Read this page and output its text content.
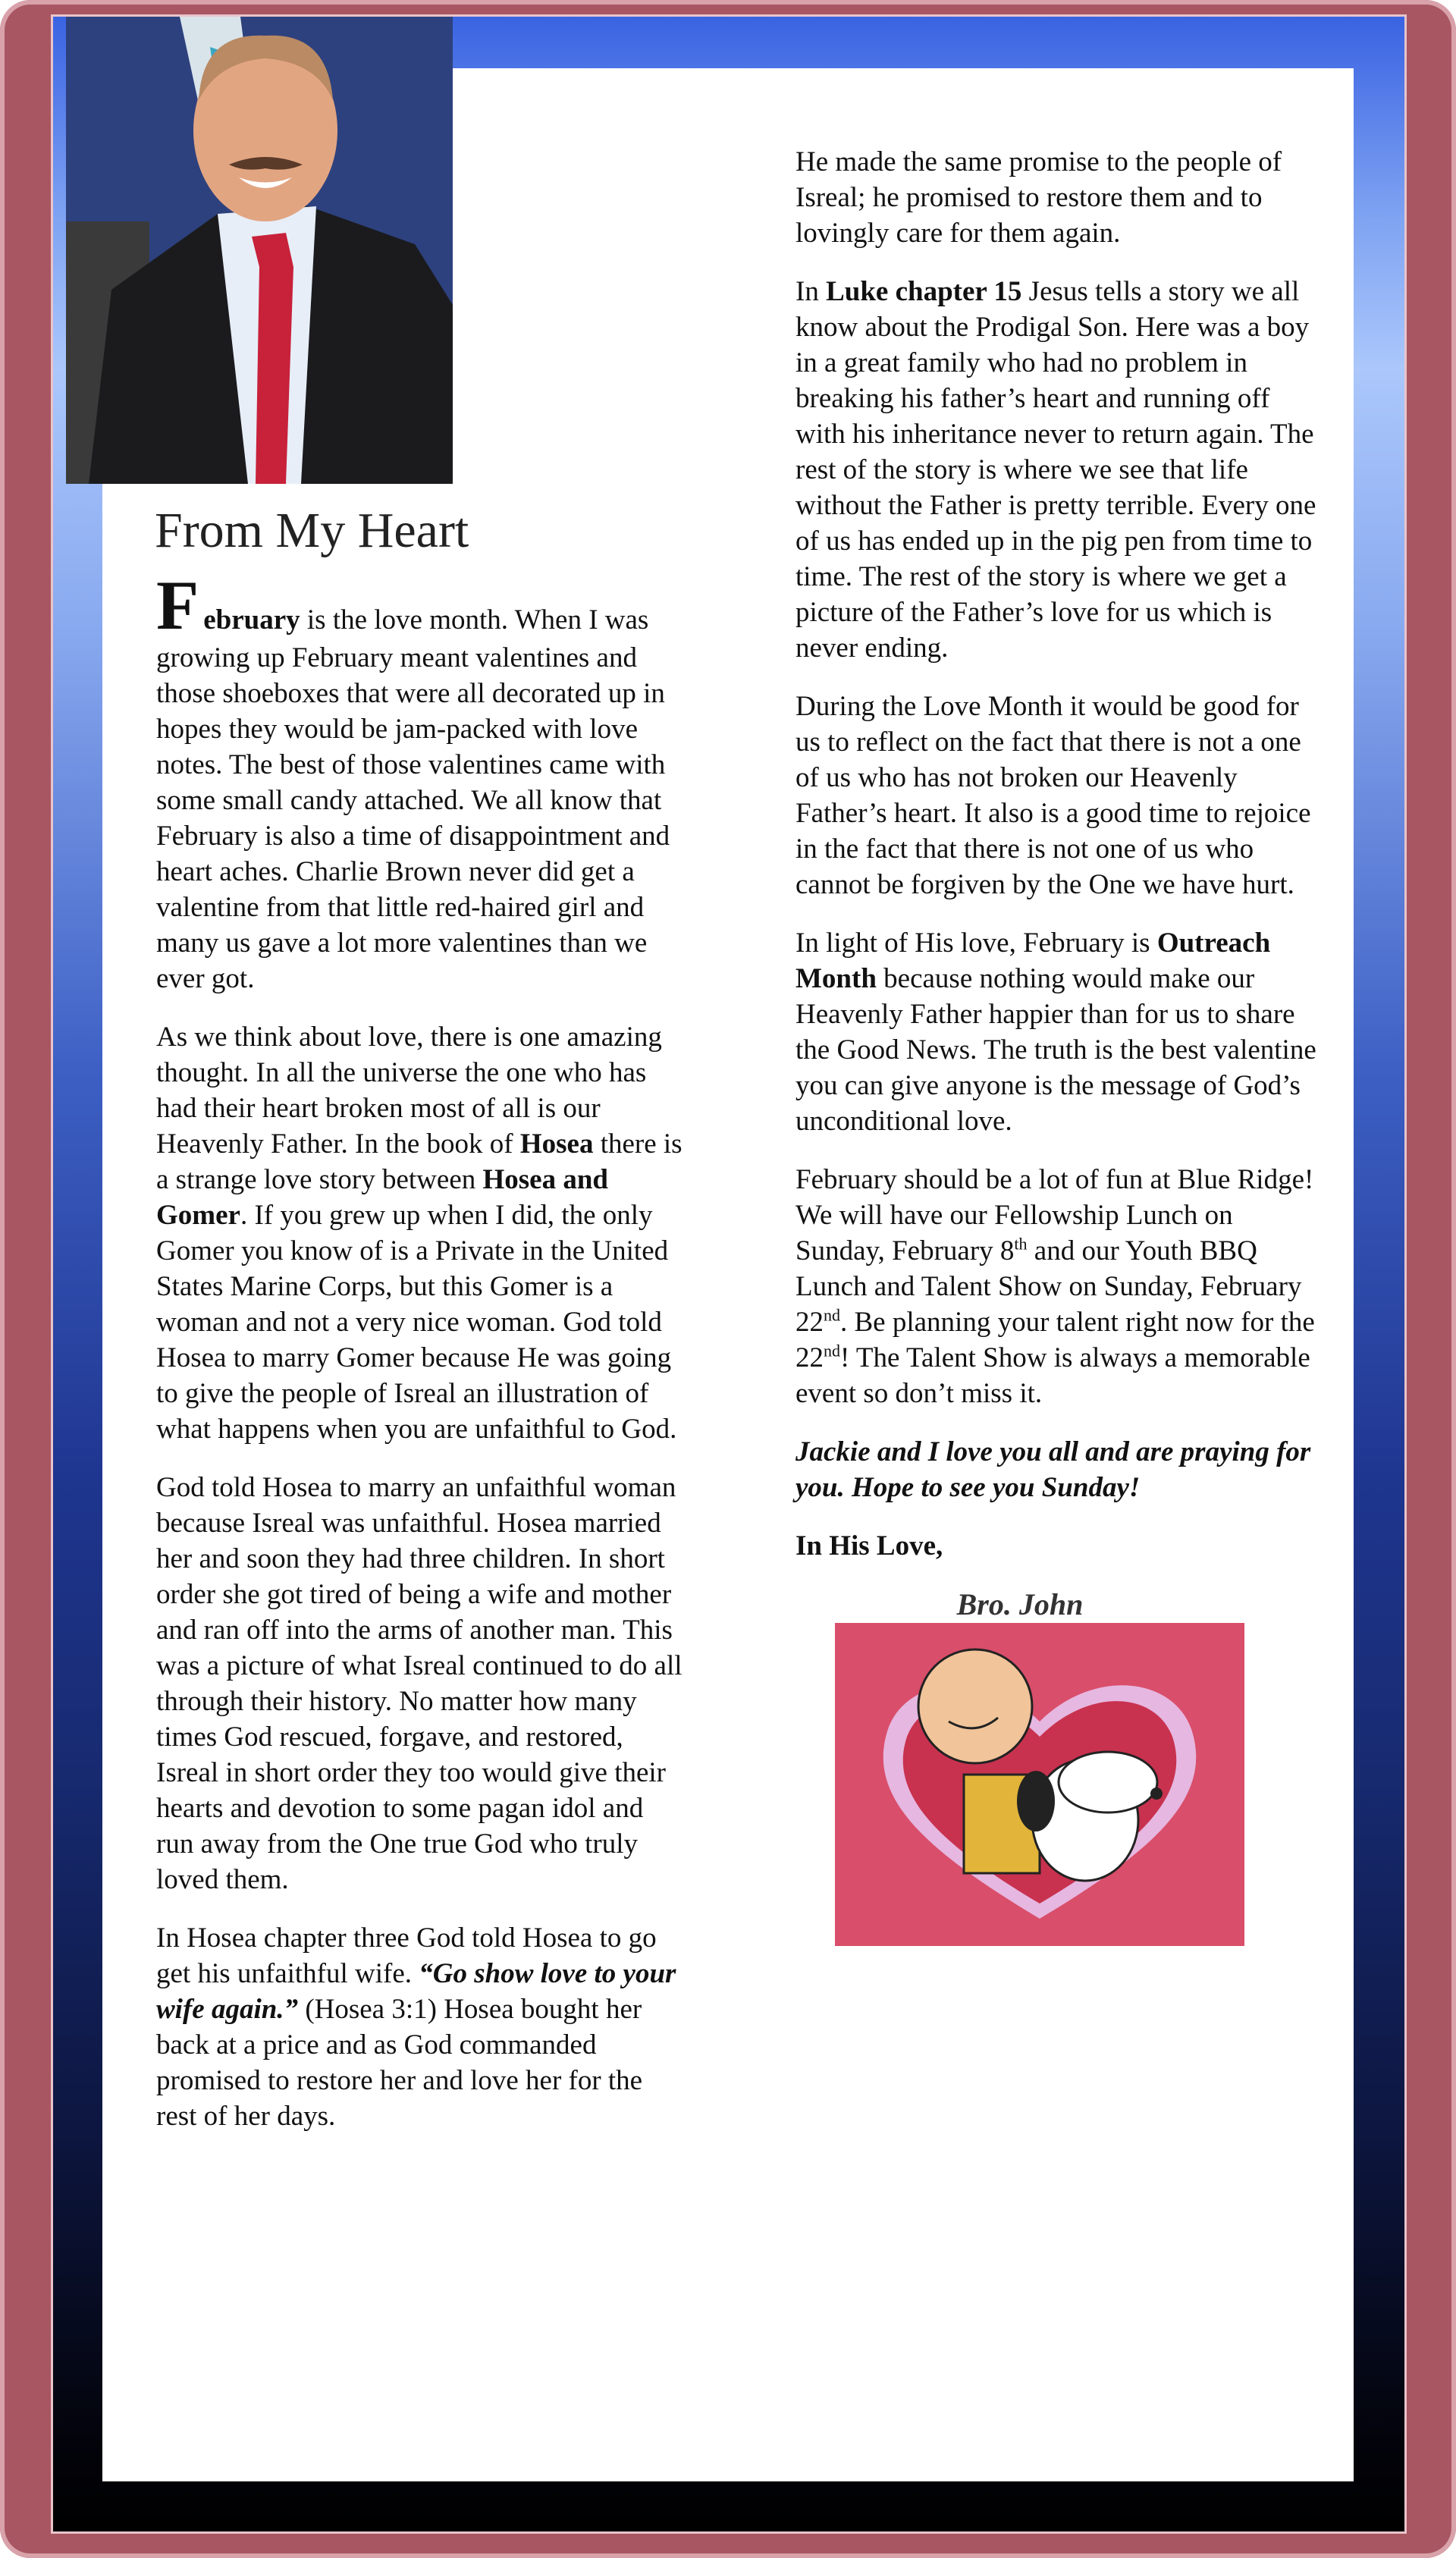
From My Heart

February is the love month. When I was growing up February meant valentines and those shoeboxes that were all decorated up in hopes they would be jam-packed with love notes. The best of those valentines came with some small candy attached. We all know that February is also a time of disappointment and heart aches. Charlie Brown never did get a valentine from that little red-haired girl and many us gave a lot more valentines than we ever got.

As we think about love, there is one amazing thought. In all the universe the one who has had their heart broken most of all is our Heavenly Father. In the book of Hosea there is a strange love story between Hosea and Gomer. If you grew up when I did, the only Gomer you know of is a Private in the United States Marine Corps, but this Gomer is a woman and not a very nice woman. God told Hosea to marry Gomer because He was going to give the people of Isreal an illustration of what happens when you are unfaithful to God.

God told Hosea to marry an unfaithful woman because Isreal was unfaithful. Hosea married her and soon they had three children. In short order she got tired of being a wife and mother and ran off into the arms of another man. This was a picture of what Isreal continued to do all through their history. No matter how many times God rescued, forgave, and restored, Isreal in short order they too would give their hearts and devotion to some pagan idol and run away from the One true God who truly loved them.

In Hosea chapter three God told Hosea to go get his unfaithful wife. “Go show love to your wife again.” (Hosea 3:1) Hosea bought her back at a price and as God commanded promised to restore her and love her for the rest of her days.

He made the same promise to the people of Isreal; he promised to restore them and to lovingly care for them again.

In Luke chapter 15 Jesus tells a story we all know about the Prodigal Son. Here was a boy in a great family who had no problem in breaking his father’s heart and running off with his inheritance never to return again. The rest of the story is where we see that life without the Father is pretty terrible. Every one of us has ended up in the pig pen from time to time. The rest of the story is where we get a picture of the Father’s love for us which is never ending.

During the Love Month it would be good for us to reflect on the fact that there is not a one of us who has not broken our Heavenly Father’s heart. It also is a good time to rejoice in the fact that there is not one of us who cannot be forgiven by the One we have hurt.

In light of His love, February is Outreach Month because nothing would make our Heavenly Father happier than for us to share the Good News. The truth is the best valentine you can give anyone is the message of God’s unconditional love.

February should be a lot of fun at Blue Ridge! We will have our Fellowship Lunch on Sunday, February 8th and our Youth BBQ Lunch and Talent Show on Sunday, February 22nd. Be planning your talent right now for the 22nd! The Talent Show is always a memorable event so don’t miss it.

Jackie and I love you all and are praying for you. Hope to see you Sunday!

In His Love,

Bro. John
